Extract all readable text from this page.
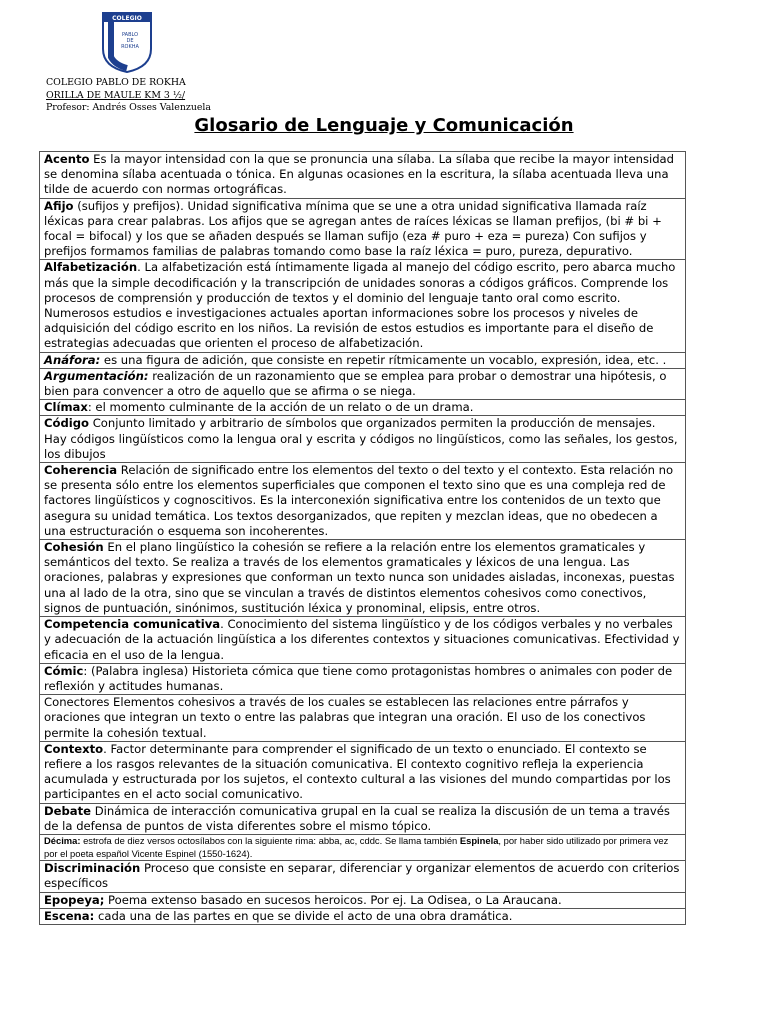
COLEGIO
PABLO
DE
ROKHA
COLEGIO PABLO DE ROKHA
ORILLA DE MAULE KM 3 ½/
Profesor: Andrés Osses Valenzuela
Glosario de Lenguaje y Comunicación
Acento Es la mayor intensidad con la que se pronuncia una sílaba. La sílaba que recibe la mayor intensidad se denomina sílaba acentuada o tónica. En algunas ocasiones en la escritura, la sílaba acentuada lleva una tilde de acuerdo con normas ortográficas.
Afijo (sufijos y prefijos). Unidad significativa mínima que se une a otra unidad significativa llamada raíz léxicas para crear palabras. Los afijos que se agregan antes de raíces léxicas se llaman prefijos, (bi # bi + focal = bifocal) y los que se añaden después se llaman sufijo (eza # puro + eza = pureza) Con sufijos y prefijos formamos familias de palabras tomando como base la raíz léxica = puro, pureza, depurativo.
Alfabetización. La alfabetización está íntimamente ligada al manejo del código escrito, pero abarca mucho más que la simple decodificación y la transcripción de unidades sonoras a códigos gráficos. Comprende los procesos de comprensión y producción de textos y el dominio del lenguaje tanto oral como escrito. Numerosos estudios e investigaciones actuales aportan informaciones sobre los procesos y niveles de adquisición del código escrito en los niños. La revisión de estos estudios es importante para el diseño de estrategias adecuadas que orienten el proceso de alfabetización.
Anáfora: es una figura de adición, que consiste en repetir rítmicamente un vocablo, expresión, idea, etc. .
Argumentación: realización de un razonamiento que se emplea para probar o demostrar una hipótesis, o bien para convencer a otro de aquello que se afirma o se niega.
Clímax: el momento culminante de la acción de un relato o de un drama.
Código Conjunto limitado y arbitrario de símbolos que organizados permiten la producción de mensajes. Hay códigos lingüísticos como la lengua oral y escrita y códigos no lingüísticos, como las señales, los gestos, los dibujos
Coherencia Relación de significado entre los elementos del texto o del texto y el contexto. Esta relación no se presenta sólo entre los elementos superficiales que componen el texto sino que es una compleja red de factores lingüísticos y cognoscitivos. Es la interconexión significativa entre los contenidos de un texto que asegura su unidad temática. Los textos desorganizados, que repiten y mezclan ideas, que no obedecen a una estructuración o esquema son incoherentes.
Cohesión En el plano lingüístico la cohesión se refiere a la relación entre los elementos gramaticales y semánticos del texto. Se realiza a través de los elementos gramaticales y léxicos de una lengua. Las oraciones, palabras y expresiones que conforman un texto nunca son unidades aisladas, inconexas, puestas una al lado de la otra, sino que se vinculan a través de distintos elementos cohesivos como conectivos, signos de puntuación, sinónimos, sustitución léxica y pronominal, elipsis, entre otros.
Competencia comunicativa. Conocimiento del sistema lingüístico y de los códigos verbales y no verbales y adecuación de la actuación lingüística a los diferentes contextos y situaciones comunicativas. Efectividad y eficacia en el uso de la lengua.
Cómic: (Palabra inglesa) Historieta cómica que tiene como protagonistas hombres o animales con poder de reflexión y actitudes humanas.
Conectores Elementos cohesivos a través de los cuales se establecen las relaciones entre párrafos y oraciones que integran un texto o entre las palabras que integran una oración. El uso de los conectivos permite la cohesión textual.
Contexto. Factor determinante para comprender el significado de un texto o enunciado. El contexto se refiere a los rasgos relevantes de la situación comunicativa. El contexto cognitivo refleja la experiencia acumulada y estructurada por los sujetos, el contexto cultural a las visiones del mundo compartidas por los participantes en el acto social comunicativo.
Debate Dinámica de interacción comunicativa grupal en la cual se realiza la discusión de un tema a través de la defensa de puntos de vista diferentes sobre el mismo tópico.
Décima: estrofa de diez versos octosílabos con la siguiente rima: abba, ac, cddc. Se llama también Espinela, por haber sido utilizado por primera vez por el poeta español Vicente Espinel (1550-1624).
Discriminación Proceso que consiste en separar, diferenciar y organizar elementos de acuerdo con criterios específicos
Epopeya; Poema extenso basado en sucesos heroicos. Por ej. La Odisea, o La Araucana.
Escena: cada una de las partes en que se divide el acto de una obra dramática.
